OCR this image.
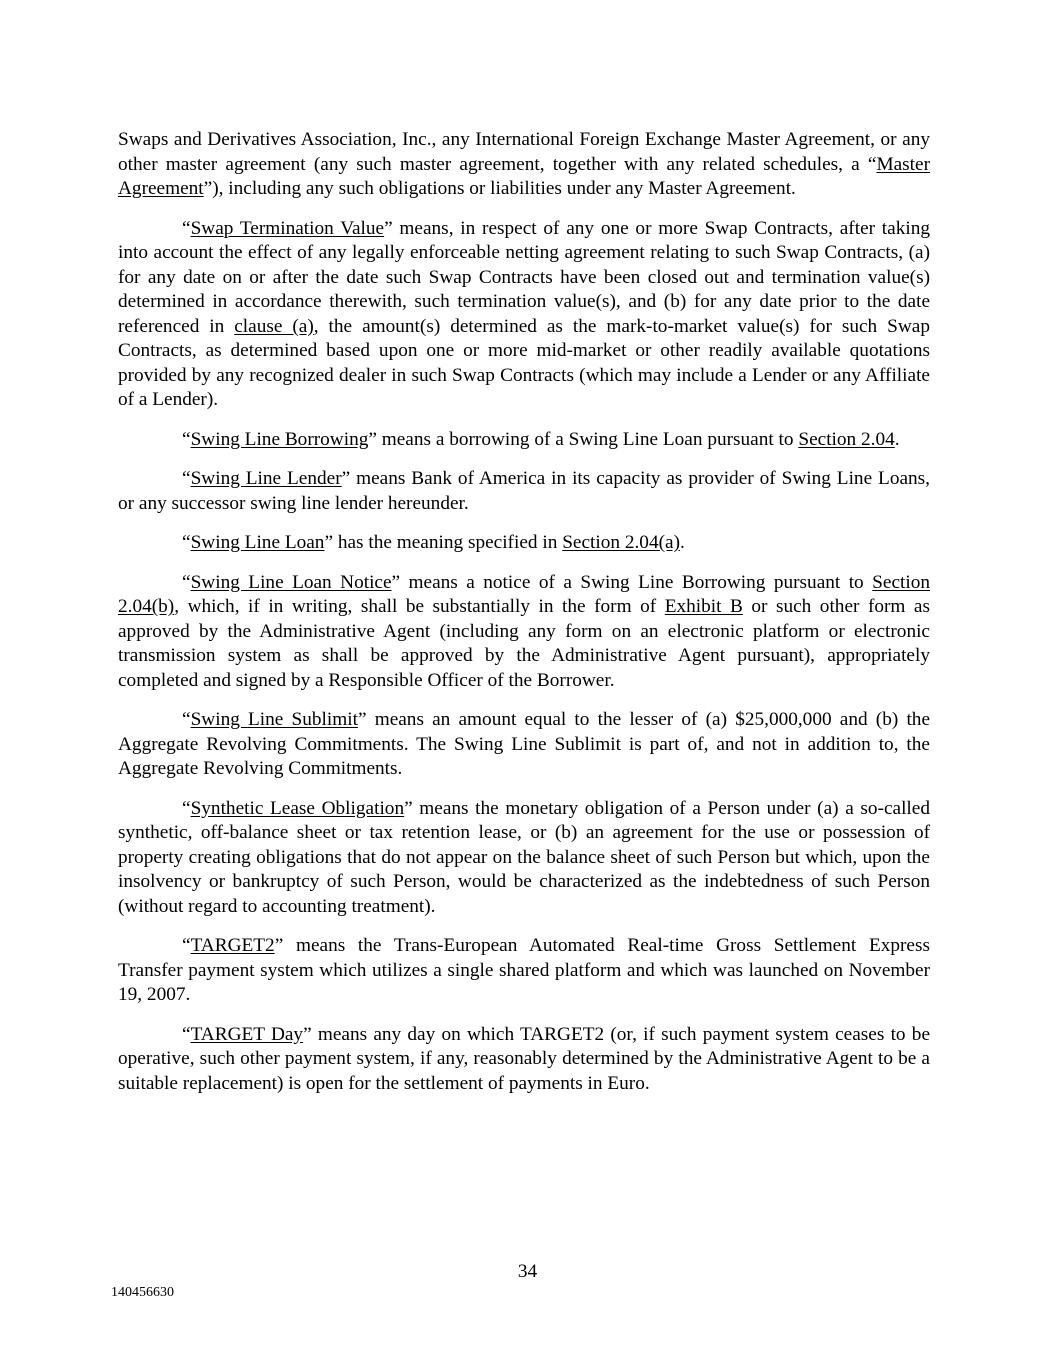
Swaps and Derivatives Association, Inc., any International Foreign Exchange Master Agreement, or any other master agreement (any such master agreement, together with any related schedules, a “Master Agreement”), including any such obligations or liabilities under any Master Agreement.

“Swap Termination Value” means, in respect of any one or more Swap Contracts, after taking into account the effect of any legally enforceable netting agreement relating to such Swap Contracts, (a) for any date on or after the date such Swap Contracts have been closed out and termination value(s) determined in accordance therewith, such termination value(s), and (b) for any date prior to the date referenced in clause (a), the amount(s) determined as the mark-to-market value(s) for such Swap Contracts, as determined based upon one or more mid-market or other readily available quotations provided by any recognized dealer in such Swap Contracts (which may include a Lender or any Affiliate of a Lender).

“Swing Line Borrowing” means a borrowing of a Swing Line Loan pursuant to Section 2.04.

“Swing Line Lender” means Bank of America in its capacity as provider of Swing Line Loans, or any successor swing line lender hereunder.

“Swing Line Loan” has the meaning specified in Section 2.04(a).

“Swing Line Loan Notice” means a notice of a Swing Line Borrowing pursuant to Section 2.04(b), which, if in writing, shall be substantially in the form of Exhibit B or such other form as approved by the Administrative Agent (including any form on an electronic platform or electronic transmission system as shall be approved by the Administrative Agent pursuant), appropriately completed and signed by a Responsible Officer of the Borrower.

“Swing Line Sublimit” means an amount equal to the lesser of (a) $25,000,000 and (b) the Aggregate Revolving Commitments. The Swing Line Sublimit is part of, and not in addition to, the Aggregate Revolving Commitments.

“Synthetic Lease Obligation” means the monetary obligation of a Person under (a) a so-called synthetic, off-balance sheet or tax retention lease, or (b) an agreement for the use or possession of property creating obligations that do not appear on the balance sheet of such Person but which, upon the insolvency or bankruptcy of such Person, would be characterized as the indebtedness of such Person (without regard to accounting treatment).

“TARGET2” means the Trans-European Automated Real-time Gross Settlement Express Transfer payment system which utilizes a single shared platform and which was launched on November 19, 2007.

“TARGET Day” means any day on which TARGET2 (or, if such payment system ceases to be operative, such other payment system, if any, reasonably determined by the Administrative Agent to be a suitable replacement) is open for the settlement of payments in Euro.

34
140456630
